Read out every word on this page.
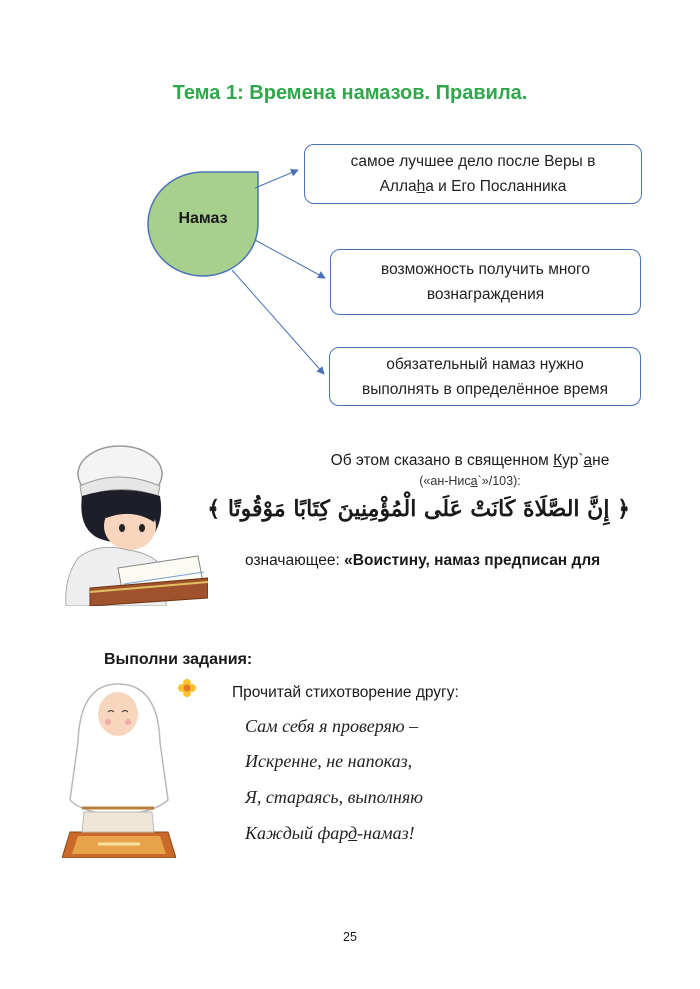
Тема 1: Времена намазов. Правила.
Намаз
самое лучшее дело после Веры в
Аллаhа и Его Посланника
возможность получить много
вознаграждения
обязательный намаз нужно
выполнять в определённое время
Об этом сказано в священном Кур`ане
(«ан-Ниса`»/103):
﴿ إِنَّ الصَّلَاةَ كَانَتْ عَلَى الْمُؤْمِنِينَ كِتَابًا مَوْقُوتًا ﴾
означающее: «Воистину, намаз предписан для
Выполни задания:
Прочитай стихотворение другу:
Сам себя я проверяю –
Искренне, не напоказ,
Я, стараясь, выполняю
Каждый фард-намаз!
25
